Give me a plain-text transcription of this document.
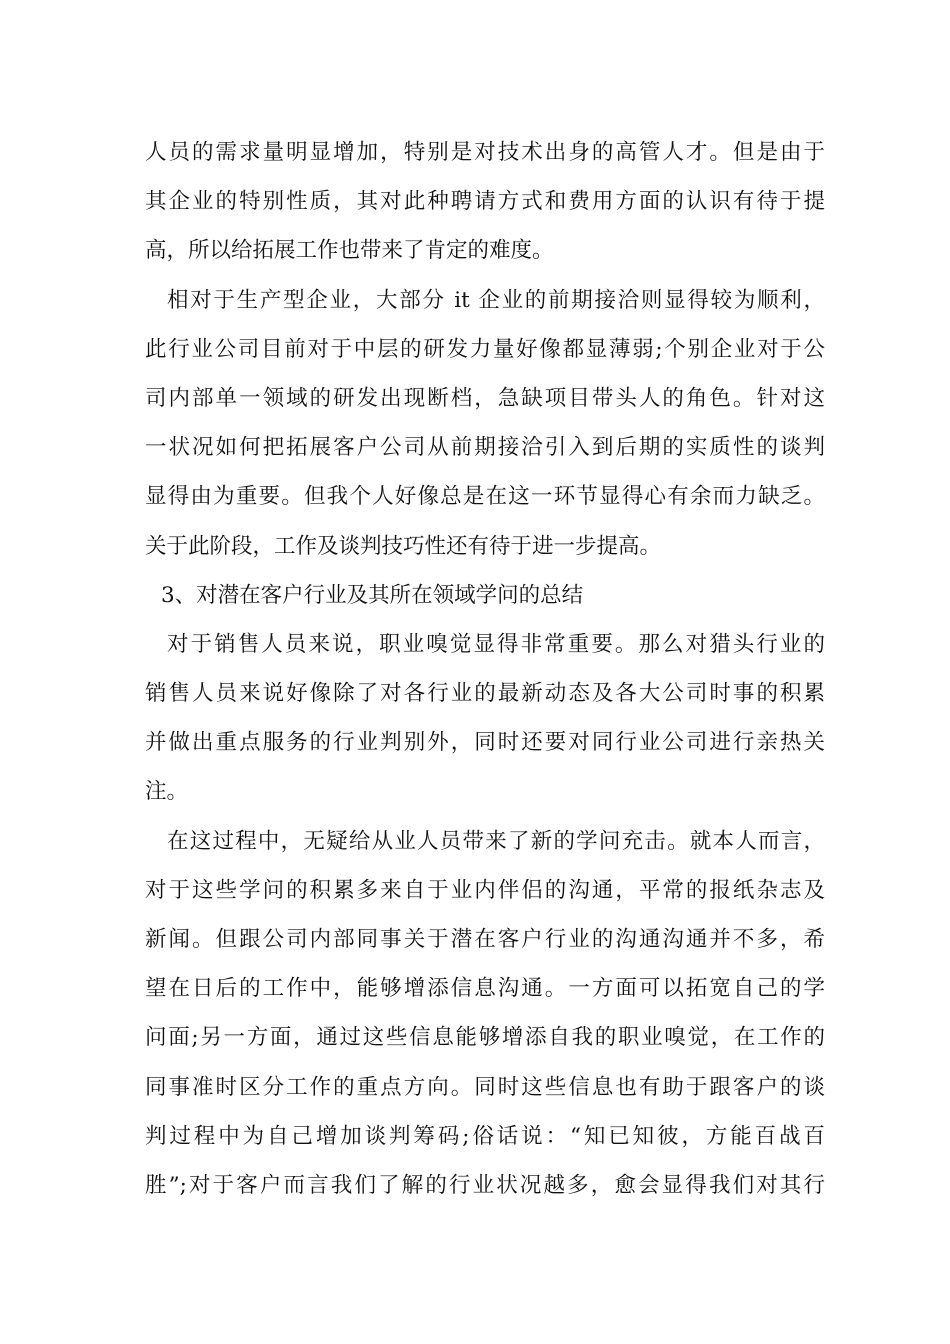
人员的需求量明显增加，特别是对技术出身的高管人才。但是由于
其企业的特别性质，其对此种聘请方式和费用方面的认识有待于提
高，所以给拓展工作也带来了肯定的难度。
相对于生产型企业，大部分 it 企业的前期接洽则显得较为顺利，
此行业公司目前对于中层的研发力量好像都显薄弱;个别企业对于公
司内部单一领域的研发出现断档，急缺项目带头人的角色。针对这
一状况如何把拓展客户公司从前期接洽引入到后期的实质性的谈判
显得由为重要。但我个人好像总是在这一环节显得心有余而力缺乏。
关于此阶段，工作及谈判技巧性还有待于进一步提高。
3、对潜在客户行业及其所在领域学问的总结
对于销售人员来说，职业嗅觉显得非常重要。那么对猎头行业的
销售人员来说好像除了对各行业的最新动态及各大公司时事的积累
并做出重点服务的行业判别外，同时还要对同行业公司进行亲热关
注。
在这过程中，无疑给从业人员带来了新的学问充击。就本人而言，
对于这些学问的积累多来自于业内伴侣的沟通，平常的报纸杂志及
新闻。但跟公司内部同事关于潜在客户行业的沟通沟通并不多，希
望在日后的工作中，能够增添信息沟通。一方面可以拓宽自己的学
问面;另一方面，通过这些信息能够增添自我的职业嗅觉，在工作的
同事准时区分工作的重点方向。同时这些信息也有助于跟客户的谈
判过程中为自己增加谈判筹码;俗话说：“知已知彼，方能百战百
胜”;对于客户而言我们了解的行业状况越多，愈会显得我们对其行
